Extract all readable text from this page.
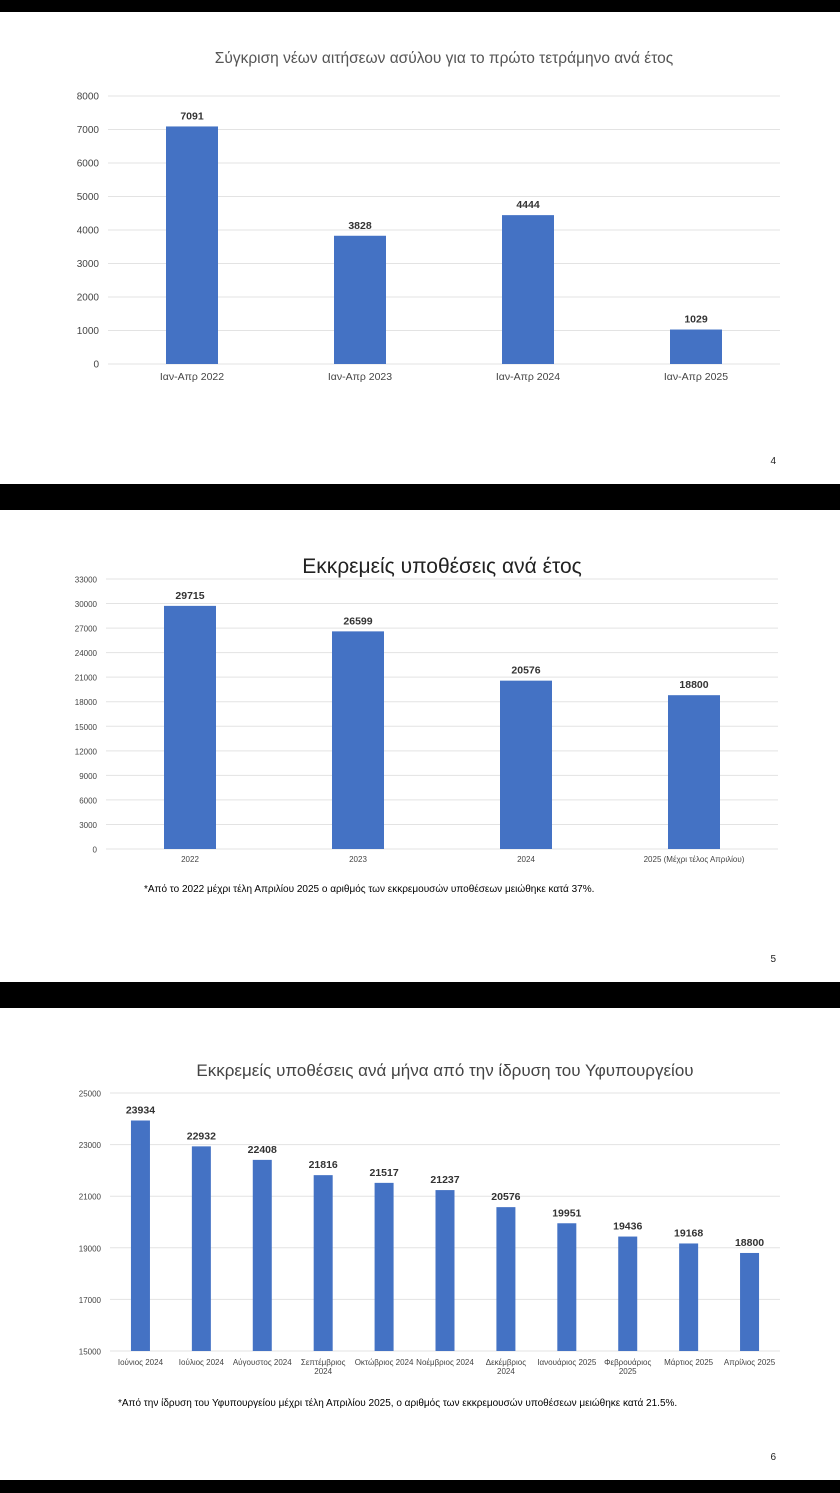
Σύγκριση νέων αιτήσεων ασύλου για το πρώτο τετράμηνο ανά έτος
0
1000
2000
3000
4000
5000
6000
7000
8000
7091
Ιαν-Απρ 2022
3828
Ιαν-Απρ 2023
4444
Ιαν-Απρ 2024
1029
Ιαν-Απρ 2025
4
Εκκρεμείς υποθέσεις ανά έτος
0
3000
6000
9000
12000
15000
18000
21000
24000
27000
30000
33000
29715
2022
26599
2023
20576
2024
18800
2025 (Μέχρι τέλος Απριλίου)
*Από το 2022 μέχρι τέλη Απριλίου 2025 ο αριθμός των εκκρεμουσών υποθέσεων μειώθηκε κατά 37%.
5
Εκκρεμείς υποθέσεις ανά μήνα από την ίδρυση του Υφυπουργείου
15000
17000
19000
21000
23000
25000
23934
Ιούνιος 2024
22932
Ιούλιος 2024
22408
Αύγουστος 2024
21816
Σεπτέμβριος 2024
21517
Οκτώβριος 2024
21237
Νοέμβριος 2024
20576
Δεκέμβριος 2024
19951
Ιανουάριος 2025
19436
Φεβρουάριος 2025
19168
Μάρτιος 2025
18800
Απρίλιος 2025
*Από την ίδρυση του Υφυπουργείου μέχρι τέλη Απριλίου 2025, ο αριθμός των εκκρεμουσών υποθέσεων μειώθηκε κατά 21.5%.
6
